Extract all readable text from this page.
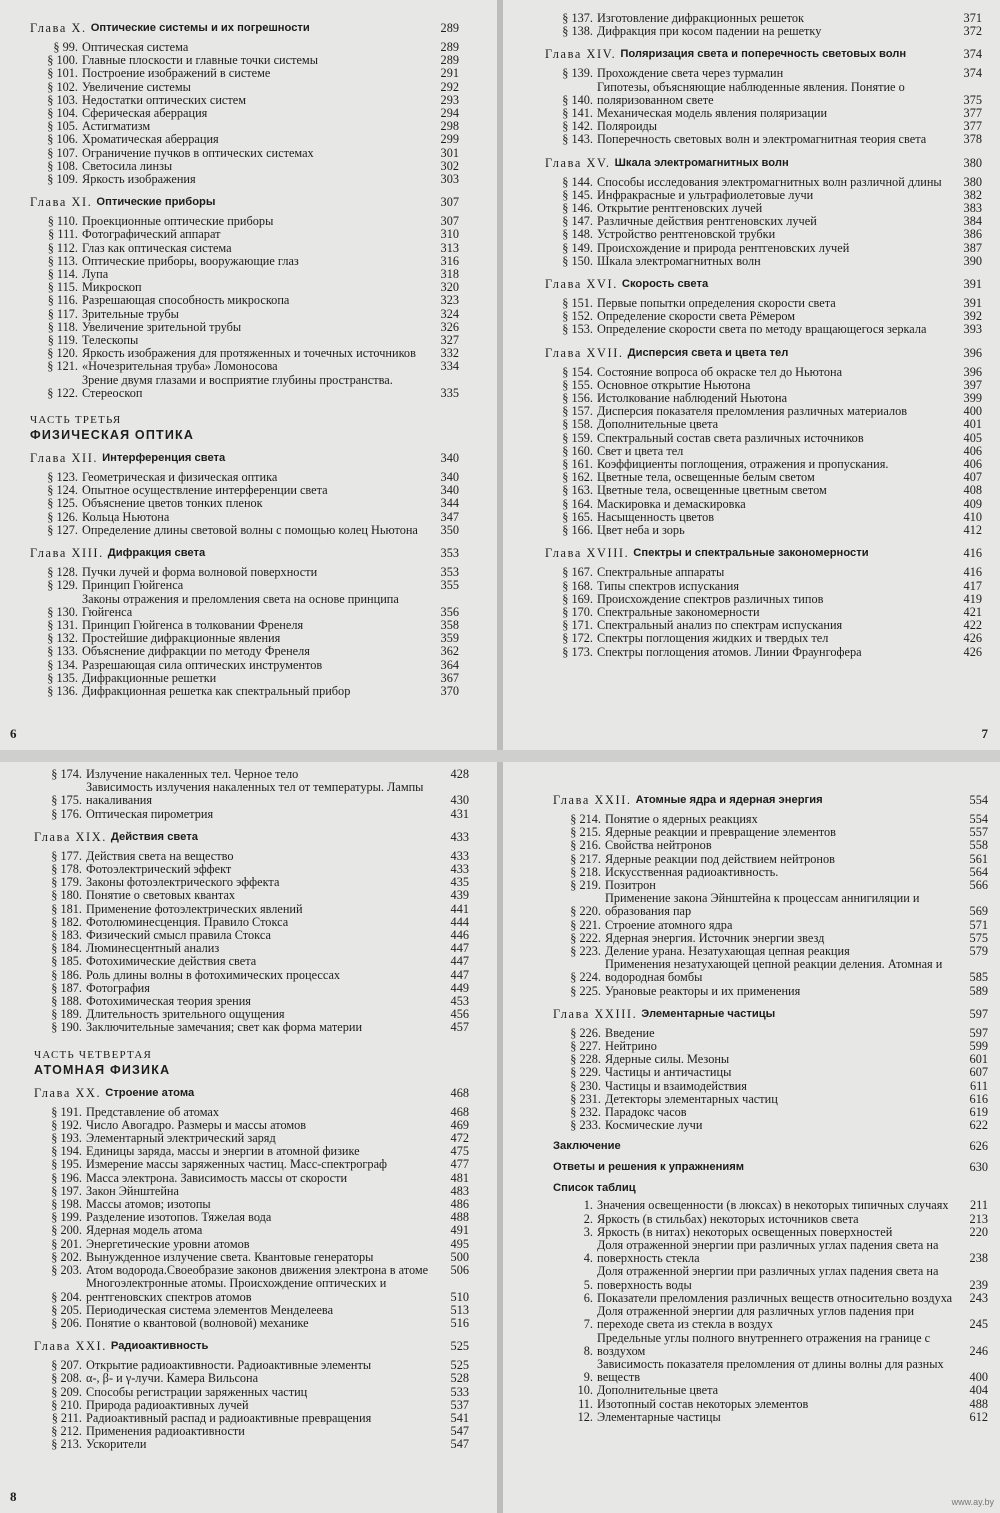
Глава X. Оптические системы и их погрешности	289
§ 99. Оптическая система	289
§ 100. Главные плоскости и главные точки системы	289
§ 101. Построение изображений в системе	291
§ 102. Увеличение системы	292
§ 103. Недостатки оптических систем	293
§ 104. Сферическая аберрация	294
§ 105. Астигматизм	298
§ 106. Хроматическая аберрация	299
§ 107. Ограничение пучков в оптических системах	301
§ 108. Светосила линзы	302
§ 109. Яркость изображения	303
Глава XI. Оптические приборы	307
§ 110. Проекционные оптические приборы	307
§ 111. Фотографический аппарат	310
§ 112. Глаз как оптическая система	313
§ 113. Оптические приборы, вооружающие глаз	316
§ 114. Лупа	318
§ 115. Микроскоп	320
§ 116. Разрешающая способность микроскопа	323
§ 117. Зрительные трубы	324
§ 118. Увеличение зрительной трубы	326
§ 119. Телескопы	327
§ 120. Яркость изображения для протяженных и точечных источников	332
§ 121. «Ночезрительная труба» Ломоносова	334
§ 122.
Зрение двумя глазами и восприятие глубины пространства. Стереоскоп	335
ЧАСТЬ ТРЕТЬЯ
ФИЗИЧЕСКАЯ ОПТИКА
Глава XII. Интерференция света	340
§ 123. Геометрическая и физическая оптика	340
§ 124. Опытное осуществление интерференции света	340
§ 125. Объяснение цветов тонких пленок	344
§ 126. Кольца Ньютона	347
§ 127. Определение длины световой волны с помощью колец Ньютона	350
Глава XIII. Дифракция света	353
§ 128. Пучки лучей и форма волновой поверхности	353
§ 129. Принцип Гюйгенса	355
§ 130.
Законы отражения и преломления света на основе принципа Гюйгенса	356
§ 131. Принцип Гюйгенса в толковании Френеля	358
§ 132. Простейшие дифракционные явления	359
§ 133. Объяснение дифракции по методу Френеля	362
§ 134. Разрешающая сила оптических инструментов	364
§ 135. Дифракционные решетки	367
§ 136. Дифракционная решетка как спектральный прибор	370
6
§ 137. Изготовление дифракционных решеток	371
§ 138. Дифракция при косом падении на решетку	372
Глава XIV. Поляризация света и поперечность световых волн	374
§ 139. Прохождение света через турмалин	374
§ 140.
Гипотезы, объясняющие наблюденные явления. Понятие о поляризованном свете	375
§ 141. Механическая модель явления поляризации	377
§ 142. Поляроиды	377
§ 143. Поперечность световых волн и электромагнитная теория света	378
Глава XV. Шкала электромагнитных волн	380
§ 144. Способы исследования электромагнитных волн различной длины	380
§ 145. Инфракрасные и ультрафиолетовые лучи	382
§ 146. Открытие рентгеновских лучей	383
§ 147. Различные действия рентгеновских лучей	384
§ 148. Устройство рентгеновской трубки	386
§ 149. Происхождение и природа рентгеновских лучей	387
§ 150. Шкала электромагнитных волн	390
Глава XVI. Скорость света	391
§ 151. Первые попытки определения скорости света	391
§ 152. Определение скорости света Рёмером	392
§ 153. Определение скорости света по методу вращающегося зеркала	393
Глава XVII. Дисперсия света и цвета тел	396
§ 154. Состояние вопроса об окраске тел до Ньютона	396
§ 155. Основное открытие Ньютона	397
§ 156. Истолкование наблюдений Ньютона	399
§ 157. Дисперсия показателя преломления различных материалов	400
§ 158. Дополнительные цвета	401
§ 159. Спектральный состав света различных источников	405
§ 160. Свет и цвета тел	406
§ 161. Коэффициенты поглощения, отражения и пропускания.	406
§ 162. Цветные тела, освещенные белым светом	407
§ 163. Цветные тела, освещенные цветным светом	408
§ 164. Маскировка и демаскировка	409
§ 165. Насыщенность цветов	410
§ 166. Цвет неба и зорь	412
Глава XVIII. Спектры и спектральные закономерности	416
§ 167. Спектральные аппараты	416
§ 168. Типы спектров испускания	417
§ 169. Происхождение спектров различных типов	419
§ 170. Спектральные закономерности	421
§ 171. Спектральный анализ по спектрам испускания	422
§ 172. Спектры поглощения жидких и твердых тел	426
§ 173. Спектры поглощения атомов. Линии Фраунгофера	426
7
§ 174. Излучение накаленных тел. Черное тело	428
§ 175.
Зависимость излучения накаленных тел от температуры. Лампы накаливания	430
§ 176. Оптическая пирометрия	431
Глава XIX. Действия света	433
§ 177. Действия света на вещество	433
§ 178. Фотоэлектрический эффект	433
§ 179. Законы фотоэлектрического эффекта	435
§ 180. Понятие о световых квантах	439
§ 181. Применение фотоэлектрических явлений	441
§ 182. Фотолюминесценция. Правило Стокса	444
§ 183. Физический смысл правила Стокса	446
§ 184. Люминесцентный анализ	447
§ 185. Фотохимические действия света	447
§ 186. Роль длины волны в фотохимических процессах	447
§ 187. Фотография	449
§ 188. Фотохимическая теория зрения	453
§ 189. Длительность зрительного ощущения	456
§ 190. Заключительные замечания; свет как форма материи	457
ЧАСТЬ ЧЕТВЕРТАЯ
АТОМНАЯ ФИЗИКА
Глава XX. Строение атома	468
§ 191. Представление об атомах	468
§ 192. Число Авогадро. Размеры и массы атомов	469
§ 193. Элементарный электрический заряд	472
§ 194. Единицы заряда, массы и энергии в атомной физике	475
§ 195. Измерение массы заряженных частиц. Масс-спектрограф	477
§ 196. Масса электрона. Зависимость массы от скорости	481
§ 197. Закон Эйнштейна	483
§ 198. Массы атомов; изотопы	486
§ 199. Разделение изотопов. Тяжелая вода	488
§ 200. Ядерная модель атома	491
§ 201. Энергетические уровни атомов	495
§ 202. Вынужденное излучение света. Квантовые генераторы	500
§ 203. Атом водорода.Своеобразие законов движения электрона в атоме	506
§ 204.
Многоэлектронные атомы. Происхождение оптических и рентгеновских спектров атомов	510
§ 205. Периодическая система элементов Менделеева	513
§ 206. Понятие о квантовой (волновой) механике	516
Глава XXI. Радиоактивность	525
§ 207. Открытие радиоактивности. Радиоактивные элементы	525
§ 208. α-, β- и γ-лучи. Камера Вильсона	528
§ 209. Способы регистрации заряженных частиц	533
§ 210. Природа радиоактивных лучей	537
§ 211. Радиоактивный распад и радиоактивные превращения	541
§ 212. Применения радиоактивности	547
§ 213. Ускорители	547
8
Глава XXII. Атомные ядра и ядерная энергия	554
§ 214. Понятие о ядерных реакциях	554
§ 215. Ядерные реакции и превращение элементов	557
§ 216. Свойства нейтронов	558
§ 217. Ядерные реакции под действием нейтронов	561
§ 218. Искусственная радиоактивность.	564
§ 219. Позитрон	566
§ 220.
Применение закона Эйнштейна к процессам аннигиляции и образования пар	569
§ 221. Строение атомного ядра	571
§ 222. Ядерная энергия. Источник энергии звезд	575
§ 223. Деление урана. Незатухающая цепная реакция	579
§ 224.
Применения незатухающей цепной реакции деления. Атомная и водородная бомбы	585
§ 225. Урановые реакторы и их применения	589
Глава XXIII. Элементарные частицы	597
§ 226. Введение	597
§ 227. Нейтрино	599
§ 228. Ядерные силы. Мезоны	601
§ 229. Частицы и античастицы	607
§ 230. Частицы и взаимодействия	611
§ 231. Детекторы элементарных частиц	616
§ 232. Парадокс часов	619
§ 233. Космические лучи	622
Заключение	626
Ответы и решения к упражнениям	630
Список таблиц
1. Значения освещенности (в люксах) в некоторых типичных случаях	211
2. Яркость (в стильбах) некоторых источников света	213
3. Яркость (в нитах) некоторых освещенных поверхностей	220
4.
Доля отраженной энергии при различных углах падения света на поверхность стекла	238
5.
Доля отраженной энергии при различных углах падения света на поверхность воды	239
6. Показатели преломления различных веществ относительно воздуха	243
7.
Доля отраженной энергии для различных углов падения при переходе света из стекла в воздух	245
8.
Предельные углы полного внутреннего отражения на границе с воздухом	246
9.
Зависимость показателя преломления от длины волны для разных веществ	400
10. Дополнительные цвета	404
11. Изотопный состав некоторых элементов	488
12. Элементарные частицы	612
www.ay.by
